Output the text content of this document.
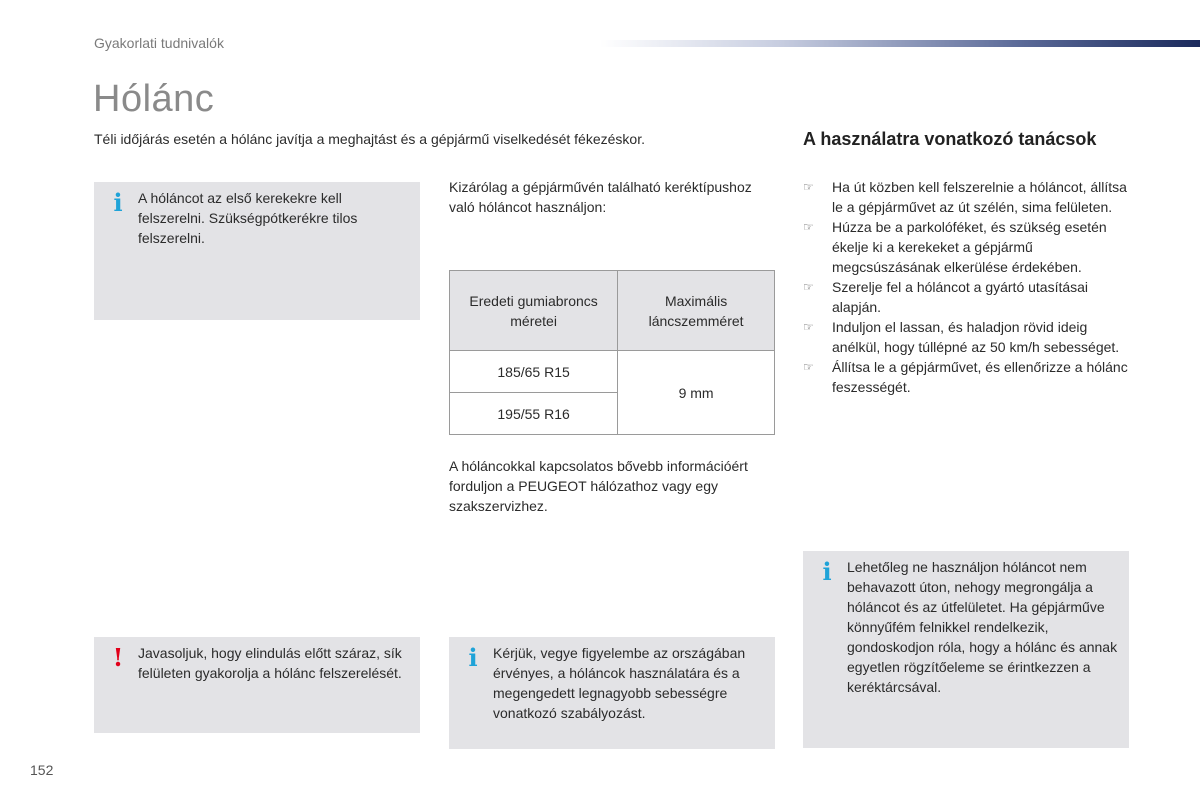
Gyakorlati tudnivalók
Hólánc
Téli időjárás esetén a hólánc javítja a meghajtást és a gépjármű viselkedését fékezéskor.
i	A hóláncot az első kerekekre kell felszerelni. Szükségpótkerékre tilos felszerelni.
!	Javasoljuk, hogy elindulás előtt száraz, sík felületen gyakorolja a hólánc felszerelését.
Kizárólag a gépjárművén található keréktípushoz való hóláncot használjon:
Eredeti gumiabroncs méretei	Maximális láncszemméret
185/65 R15	9 mm
195/55 R16	
A hóláncokkal kapcsolatos bővebb információért forduljon a PEUGEOT hálózathoz vagy egy szakszervizhez.
i	Kérjük, vegye figyelembe az országában érvényes, a hóláncok használatára és a megengedett legnagyobb sebességre vonatkozó szabályozást.
A használatra vonatkozó tanácsok
☞ Ha út közben kell felszerelnie a hóláncot, állítsa le a gépjárművet az út szélén, sima felületen.
☞ Húzza be a parkolóféket, és szükség esetén ékelje ki a kerekeket a gépjármű megcsúszásának elkerülése érdekében.
☞ Szerelje fel a hóláncot a gyártó utasításai alapján.
☞ Induljon el lassan, és haladjon rövid ideig anélkül, hogy túllépné az 50 km/h sebességet.
☞ Állítsa le a gépjárművet, és ellenőrizze a hólánc feszességét.
i	Lehetőleg ne használjon hóláncot nem behavazott úton, nehogy megrongálja a hóláncot és az útfelületet. Ha gépjárműve könnyűfém felnikkel rendelkezik, gondoskodjon róla, hogy a hólánc és annak egyetlen rögzítőeleme se érintkezzen a keréktárcsával.
152
